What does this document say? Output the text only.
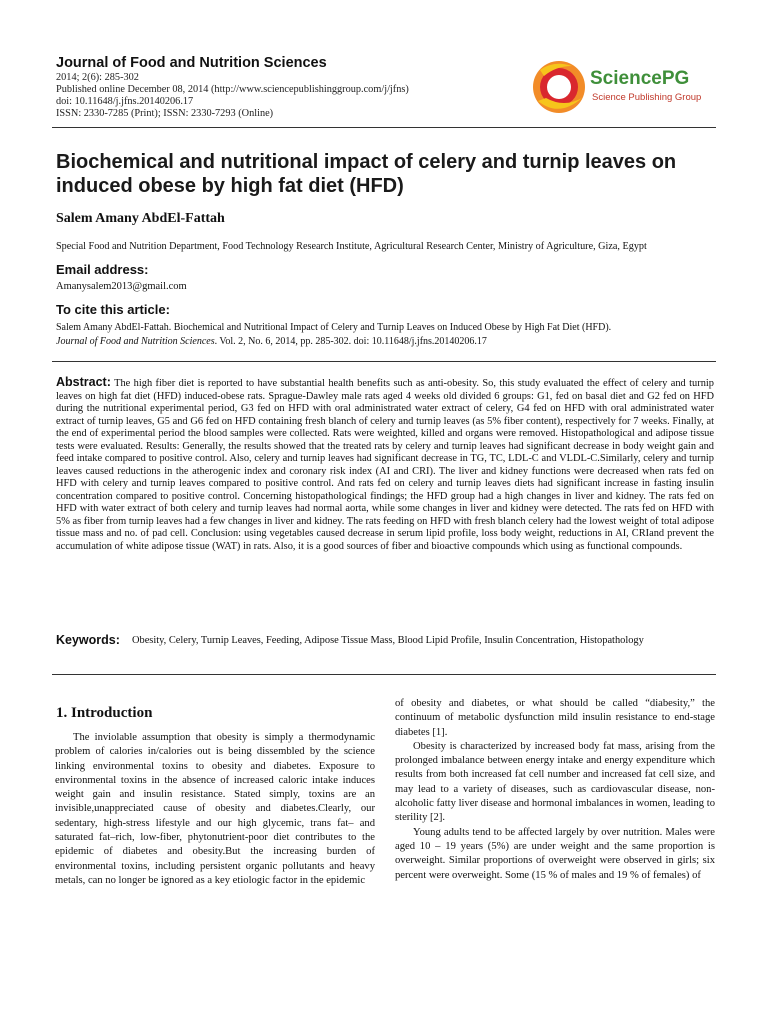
Journal of Food and Nutrition Sciences
2014; 2(6): 285-302
Published online December 08, 2014 (http://www.sciencepublishinggroup.com/j/jfns)
doi: 10.11648/j.jfns.20140206.17
ISSN: 2330-7285 (Print); ISSN: 2330-7293 (Online)
SciencePG
Science Publishing Group
Biochemical and nutritional impact of celery and turnip leaves on induced obese by high fat diet (HFD)
Salem Amany AbdEl-Fattah
Special Food and Nutrition Department, Food Technology Research Institute, Agricultural Research Center, Ministry of Agriculture, Giza, Egypt
Email address:
Amanysalem2013@gmail.com
To cite this article:
Salem Amany AbdEl-Fattah. Biochemical and Nutritional Impact of Celery and Turnip Leaves on Induced Obese by High Fat Diet (HFD).
Journal of Food and Nutrition Sciences. Vol. 2, No. 6, 2014, pp. 285-302. doi: 10.11648/j.jfns.20140206.17
Abstract: The high fiber diet is reported to have substantial health benefits such as anti-obesity. So, this study evaluated the effect of celery and turnip leaves on high fat diet (HFD) induced-obese rats. Sprague-Dawley male rats aged 4 weeks old divided 6 groups: G1, fed on basal diet and G2 fed on HFD during the nutritional experimental period, G3 fed on HFD with oral administrated water extract of celery, G4 fed on HFD with oral administrated water extract of turnip leaves, G5 and G6 fed on HFD containing fresh blanch of celery and turnip leaves (as 5% fiber content), respectively for 7 weeks. Finally, at the end of experimental period the blood samples were collected. Rats were weighted, killed and organs were removed. Histopathological and adipose tissue tests were evaluated. Results: Generally, the results showed that the treated rats by celery and turnip leaves had significant decrease in body weight gain and feed intake compared to positive control. Also, celery and turnip leaves had significant decrease in TG, TC, LDL-C and VLDL-C.Similarly, celery and turnip leaves caused reductions in the atherogenic index and coronary risk index (AI and CRI). The liver and kidney functions were decreased when rats fed on HFD with celery and turnip leaves compared to positive control. And rats fed on celery and turnip leaves diets had significant increase in fasting insulin concentration compared to positive control. Concerning histopathological findings; the HFD group had a high changes in liver and kidney. The rats fed on HFD with water extract of both celery and turnip leaves had normal aorta, while some changes in liver and kidney were detected. The rats fed on HFD with 5% as fiber from turnip leaves had a few changes in liver and kidney. The rats feeding on HFD with fresh blanch celery had the lowest weight of total adipose tissue mass and no. of pad cell. Conclusion: using vegetables caused decrease in serum lipid profile, loss body weight, reductions in AI, CRIand prevent the accumulation of white adipose tissue (WAT) in rats. Also, it is a good sources of fiber and bioactive compounds which using as functional compounds.
Keywords: Obesity, Celery, Turnip Leaves, Feeding, Adipose Tissue Mass, Blood Lipid Profile, Insulin Concentration, Histopathology
1. Introduction

The inviolable assumption that obesity is simply a thermodynamic problem of calories in/calories out is being dissembled by the science linking environmental toxins to obesity and diabetes. Exposure to environmental toxins in the absence of increased caloric intake induces weight gain and insulin resistance. Stated simply, toxins are an invisible,unappreciated cause of obesity and diabetes.Clearly, our sedentary, high-stress lifestyle and our high glycemic, trans fat– and saturated fat–rich, low-fiber, phytonutrient-poor diet contributes to the epidemic of diabetes and obesity.But the increasing burden of environmental toxins, including persistent organic pollutants and heavy metals, can no longer be ignored as a key etiologic factor in the epidemic

of obesity and diabetes, or what should be called “diabesity,” the continuum of metabolic dysfunction mild insulin resistance to end-stage diabetes [1].

Obesity is characterized by increased body fat mass, arising from the prolonged imbalance between energy intake and energy expenditure which results from both increased fat cell number and increased fat cell size, and may lead to a variety of diseases, such as cardiovascular disease, non-alcoholic fatty liver disease and hormonal imbalances in women, leading to sterility [2].

Young adults tend to be affected largely by over nutrition. Males were aged 10 – 19 years (5%) are under weight and the same proportion is overweight. Similar proportions of overweight were observed in girls; six percent were overweight. Some (15 % of males and 19 % of females) of
